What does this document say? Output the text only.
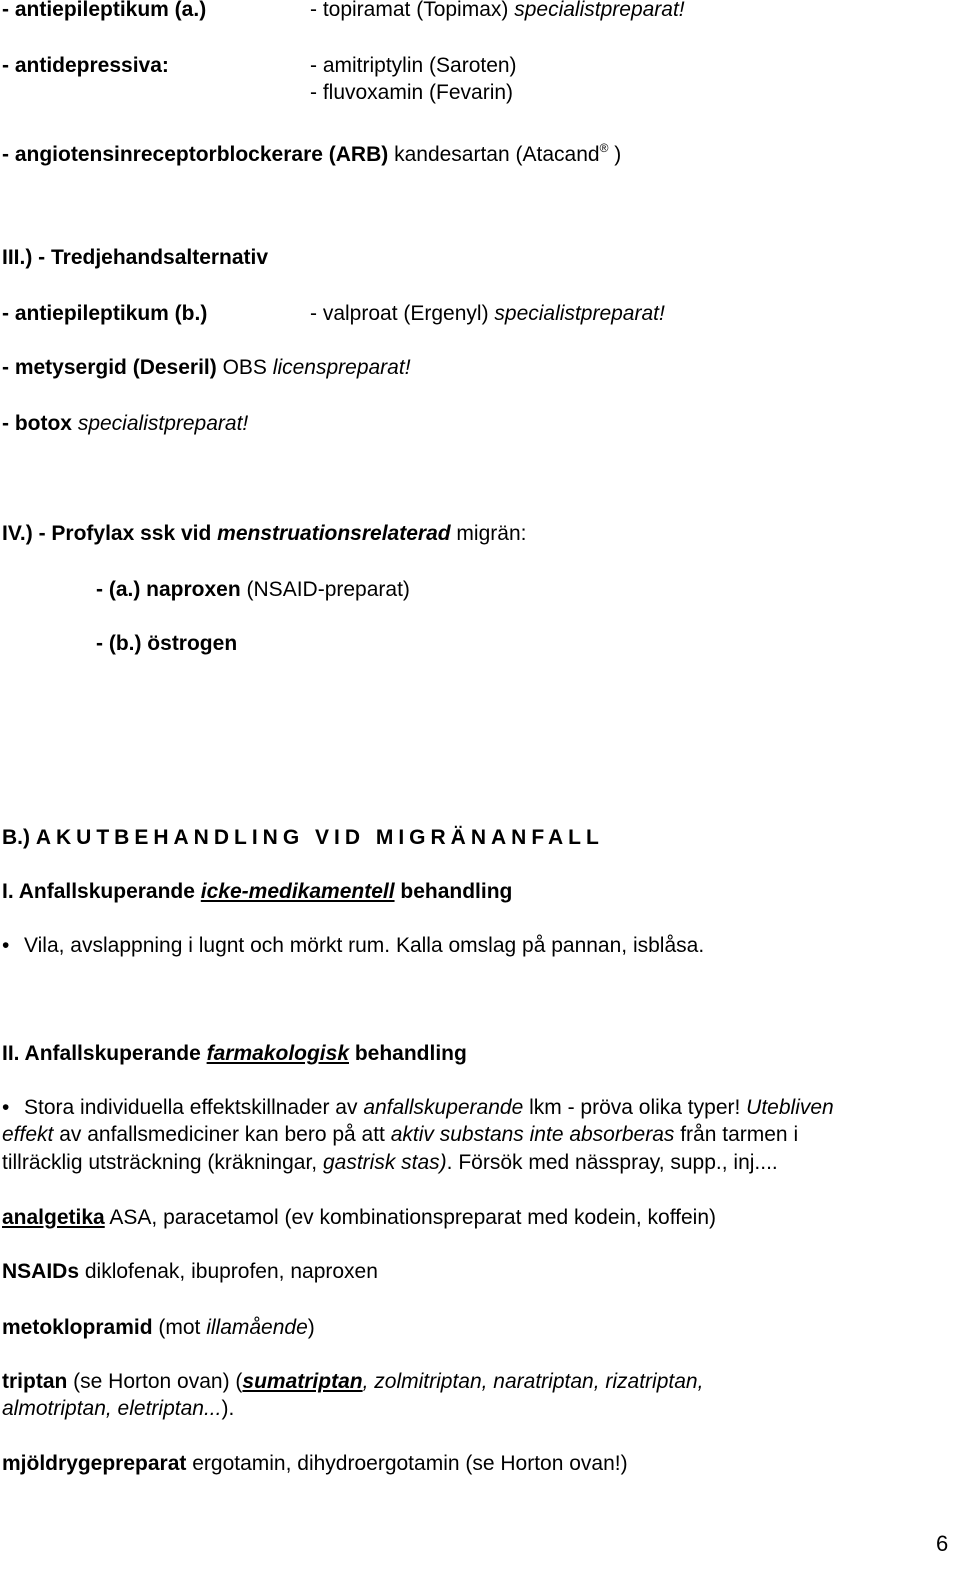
- antiepileptikum (a.)	- topiramat (Topimax) specialistpreparat!
- antidepressiva:	- amitriptylin (Saroten)
- fluvoxamin (Fevarin)
- angiotensinreceptorblockerare (ARB) kandesartan (Atacand® )
III.) - Tredjehandsalternativ
- antiepileptikum (b.)	- valproat (Ergenyl) specialistpreparat!
- metysergid (Deseril) OBS licenspreparat!
- botox specialistpreparat!
IV.) - Profylax ssk vid menstruationsrelaterad migrän:
- (a.) naproxen (NSAID-preparat)
- (b.) östrogen
B.) AKUTBEHANDLING VID MIGRÄNANFALL
I. Anfallskuperande icke-medikamentell behandling
• Vila, avslappning i lugnt och mörkt rum. Kalla omslag på pannan, isblåsa.
II. Anfallskuperande farmakologisk behandling
• Stora individuella effektskillnader av anfallskuperande lkm - pröva olika typer! Utebliven
effekt av anfallsmediciner kan bero på att aktiv substans inte absorberas från tarmen i
tillräcklig utsträckning (kräkningar, gastrisk stas). Försök med nässpray, supp., inj....
analgetika ASA, paracetamol (ev kombinationspreparat med kodein, koffein)
NSAIDs diklofenak, ibuprofen, naproxen
metoklopramid (mot illamående)
triptan (se Horton ovan) (sumatriptan, zolmitriptan, naratriptan, rizatriptan,
almotriptan, eletriptan...).
mjöldrygepreparat ergotamin, dihydroergotamin (se Horton ovan!)
6
